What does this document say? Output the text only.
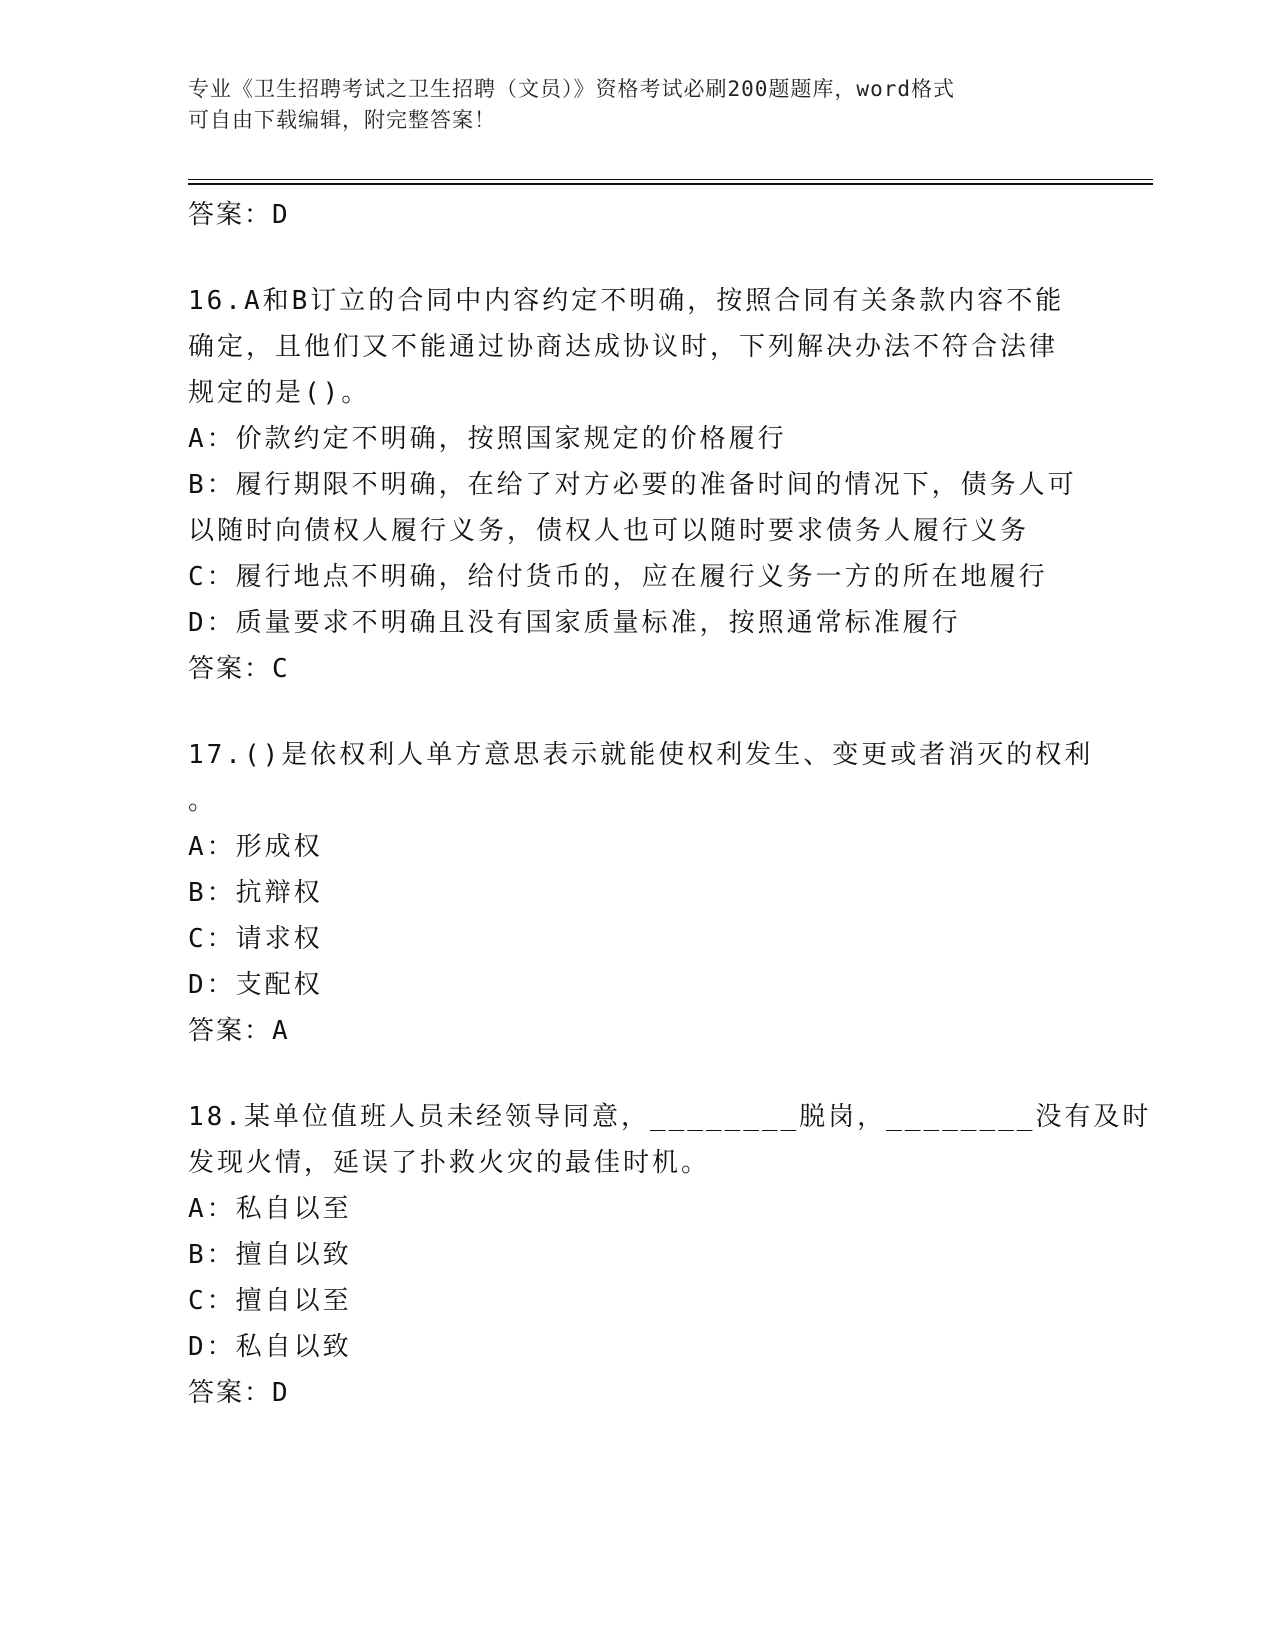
专业《卫生招聘考试之卫生招聘（文员）》资格考试必刷200题题库，word格式
可自由下载编辑，附完整答案！

答案：D

16.A和B订立的合同中内容约定不明确，按照合同有关条款内容不能

确定，且他们又不能通过协商达成协议时，下列解决办法不符合法律

规定的是()。

A：价款约定不明确，按照国家规定的价格履行

B：履行期限不明确，在给了对方必要的准备时间的情况下，债务人可

以随时向债权人履行义务，债权人也可以随时要求债务人履行义务

C：履行地点不明确，给付货币的，应在履行义务一方的所在地履行

D：质量要求不明确且没有国家质量标准，按照通常标准履行

答案：C

17.()是依权利人单方意思表示就能使权利发生、变更或者消灭的权利

。

A：形成权

B：抗辩权

C：请求权

D：支配权

答案：A

18.某单位值班人员未经领导同意，________脱岗，________没有及时

发现火情，延误了扑救火灾的最佳时机。

A：私自以至

B：擅自以致

C：擅自以至

D：私自以致

答案：D
